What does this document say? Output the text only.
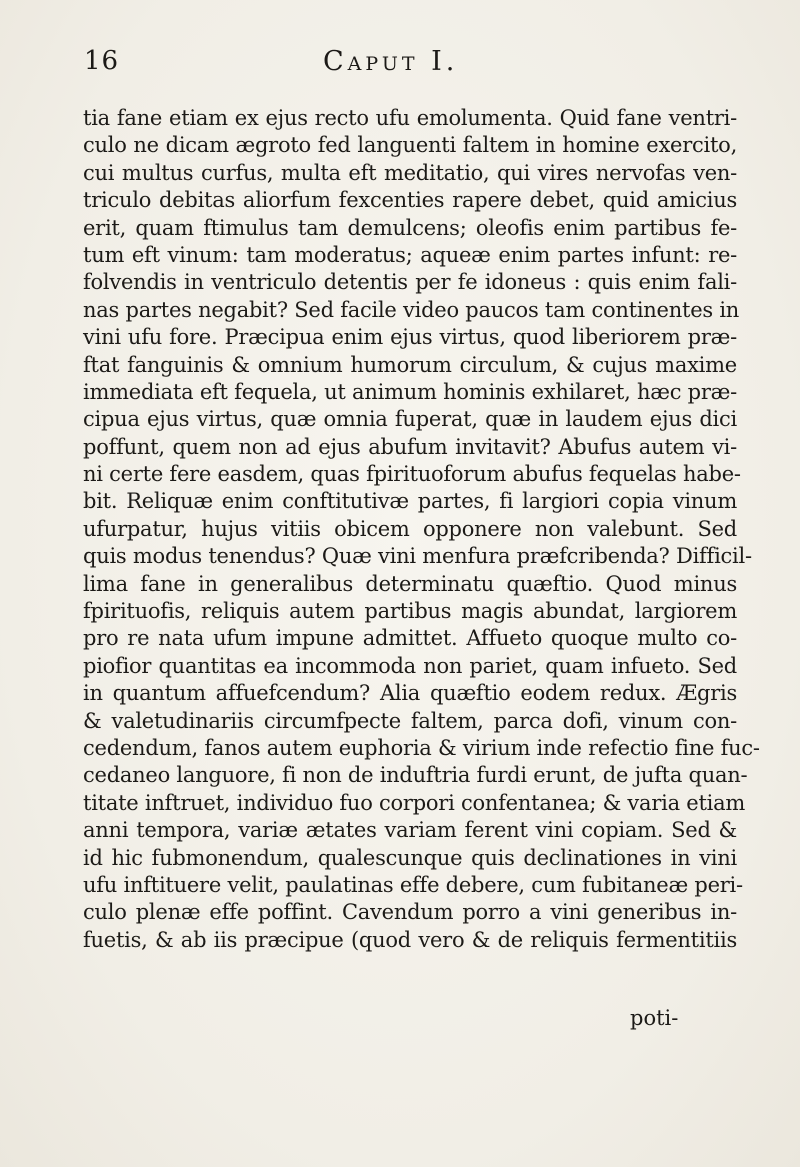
16	Caput I.
tia fane etiam ex ejus recto ufu emolumenta. Quid fane ventri-
culo ne dicam ægroto fed languenti faltem in homine exercito,
cui multus curfus, multa eft meditatio, qui vires nervofas ven-
triculo debitas aliorfum fexcenties rapere debet, quid amicius
erit, quam ftimulus tam demulcens; oleofis enim partibus fe-
tum eft vinum: tam moderatus; aqueæ enim partes infunt: re-
folvendis in ventriculo detentis per fe idoneus : quis enim fali-
nas partes negabit? Sed facile video paucos tam continentes in
vini ufu fore. Præcipua enim ejus virtus, quod liberiorem præ-
ftat fanguinis & omnium humorum circulum, & cujus maxime
immediata eft fequela, ut animum hominis exhilaret, hæc præ-
cipua ejus virtus, quæ omnia fuperat, quæ in laudem ejus dici
poffunt, quem non ad ejus abufum invitavit? Abufus autem vi-
ni certe fere easdem, quas fpirituoforum abufus fequelas habe-
bit. Reliquæ enim conftitutivæ partes, fi largiori copia vinum
ufurpatur, hujus vitiis obicem opponere non valebunt. Sed
quis modus tenendus? Quæ vini menfura præfcribenda? Difficil-
lima fane in generalibus determinatu quæftio. Quod minus
fpirituofis, reliquis autem partibus magis abundat, largiorem
pro re nata ufum impune admittet. Affueto quoque multo co-
piofior quantitas ea incommoda non pariet, quam infueto. Sed
in quantum affuefcendum? Alia quæftio eodem redux. Ægris
& valetudinariis circumfpecte faltem, parca dofi, vinum con-
cedendum, fanos autem euphoria & virium inde refectio fine fuc-
cedaneo languore, fi non de induftria furdi erunt, de jufta quan-
titate inftruet, individuo fuo corpori confentanea; & varia etiam
anni tempora, variæ ætates variam ferent vini copiam. Sed &
id hic fubmonendum, qualescunque quis declinationes in vini
ufu inftituere velit, paulatinas effe debere, cum fubitaneæ peri-
culo plenæ effe poffint. Cavendum porro a vini generibus in-
fuetis, & ab iis præcipue (quod vero & de reliquis fermentitiis
poti-
